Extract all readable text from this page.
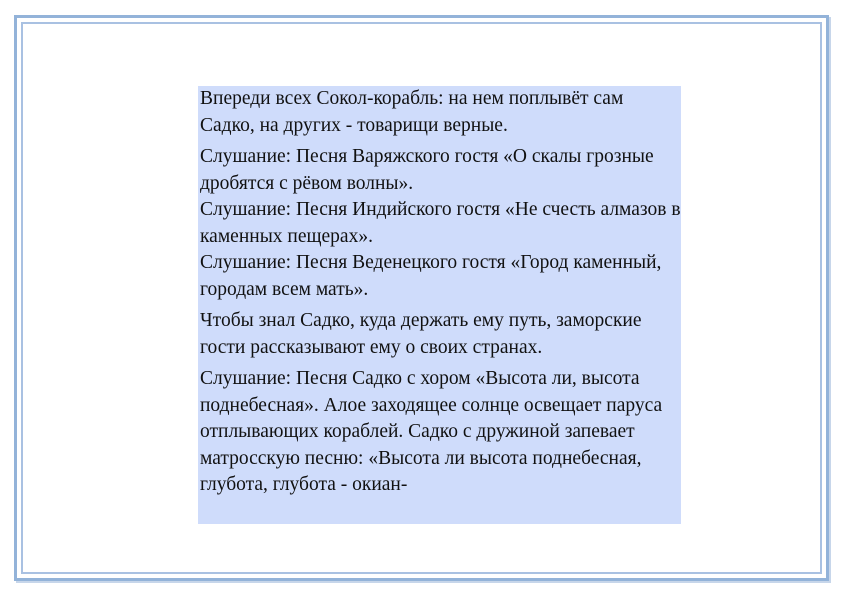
Впереди всех Сокол-корабль: на нем поплывёт сам Садко, на других - товарищи верные.

Слушание: Песня Варяжского гостя «О скалы грозные дробятся с рёвом волны».

Слушание: Песня Индийского гостя «Не счесть алмазов в каменных пещерах».

Слушание: Песня Веденецкого гостя «Город каменный, городам всем мать».

Чтобы знал Садко, куда держать ему путь, заморские гости рассказывают ему о своих странах.

Слушание: Песня Садко с хором «Высота ли, высота поднебесная». Алое заходящее солнце освещает паруса отплывающих кораблей. Садко с дружиной запевает матросскую песню: «Высота ли высота поднебесная, глубота, глубота - окиан-
